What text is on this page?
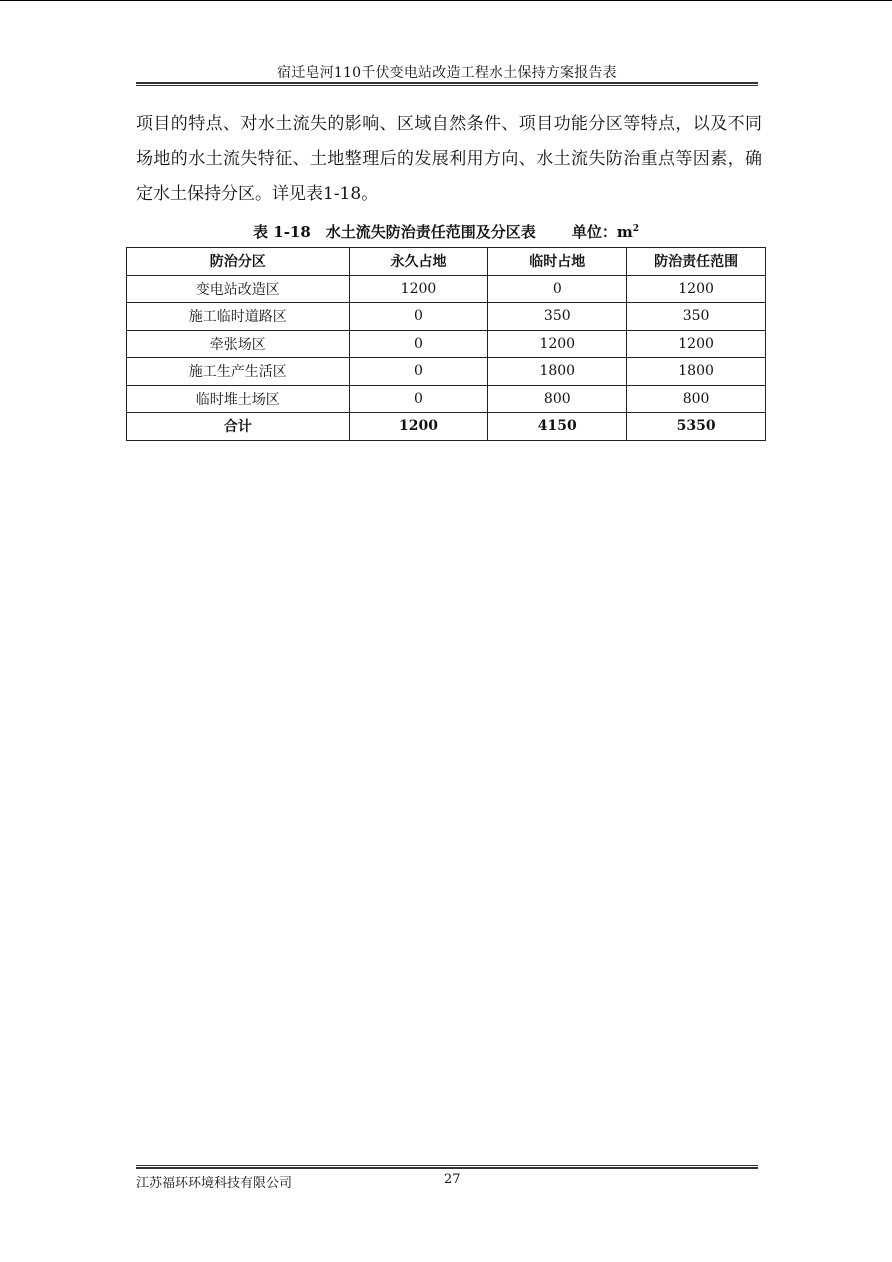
宿迁皂河110千伏变电站改造工程水土保持方案报告表
项目的特点、对水土流失的影响、区域自然条件、项目功能分区等特点，以及不同场地的水土流失特征、土地整理后的发展利用方向、水土流失防治重点等因素，确定水土保持分区。详见表1-18。
表 1-18　水土流失防治责任范围及分区表 单位：$m^2$
防治分区	永久占地	临时占地	防治责任范围
变电站改造区	1200	0	1200
施工临时道路区	0	350	350
牵张场区	0	1200	1200
施工生产生活区	0	1800	1800
临时堆土场区	0	800	800
合计	1200	4150	5350
江苏福环环境科技有限公司	27
